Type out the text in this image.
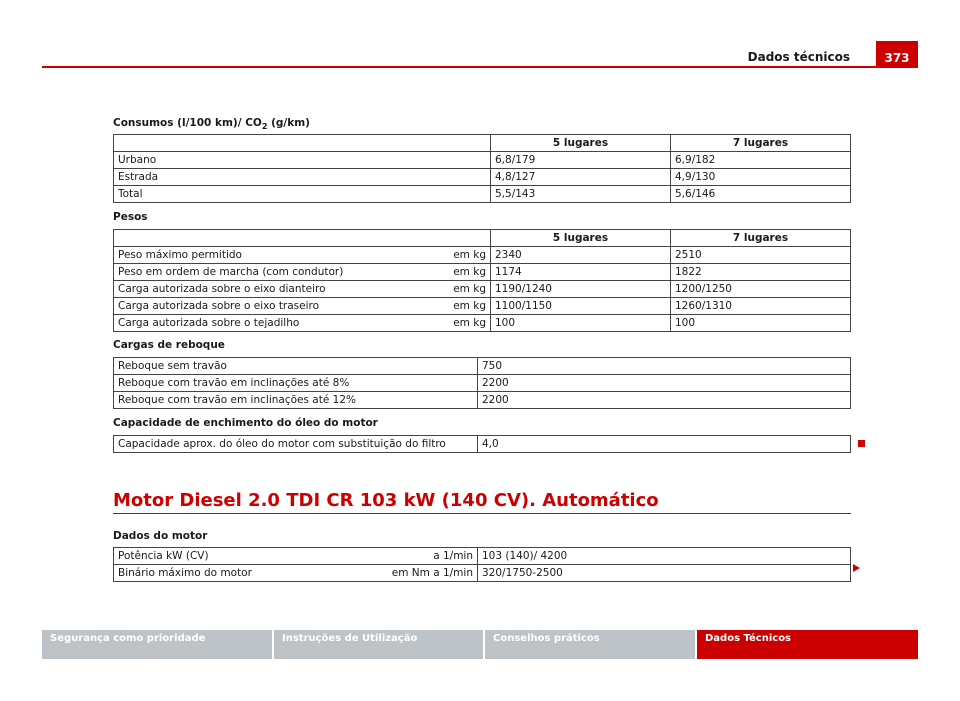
Dados técnicos	373
Consumos (l/100 km)/ $CO_2$ (g/km)
	5 lugares	7 lugares
Urbano	6,8/179	6,9/182
Estrada	4,8/127	4,9/130
Total	5,5/143	5,6/146
Pesos
	5 lugares	7 lugares

Peso máximo permitido em kg	2340	2510

Peso em ordem de marcha (com condutor) em kg	1174	1822

Carga autorizada sobre o eixo dianteiro em kg	1190/1240	1200/1250

Carga autorizada sobre o eixo traseiro em kg	1100/1150	1260/1310

Carga autorizada sobre o tejadilho em kg	100	100
Cargas de reboque
Reboque sem travão	750
Reboque com travão em inclinações até 8%	2200
Reboque com travão em inclinações até 12%	2200
Capacidade de enchimento do óleo do motor
Capacidade aprox. do óleo do motor com substituição do filtro	4,0
Motor Diesel 2.0 TDI CR 103 kW (140 CV). Automático
Dados do motor
Potência kW (CV) a 1/min	103 (140)/ 4200

Binário máximo do motor em Nm a 1/min	320/1750-2500
Segurança como prioridade	Instruções de Utilização	Conselhos práticos	Dados Técnicos
